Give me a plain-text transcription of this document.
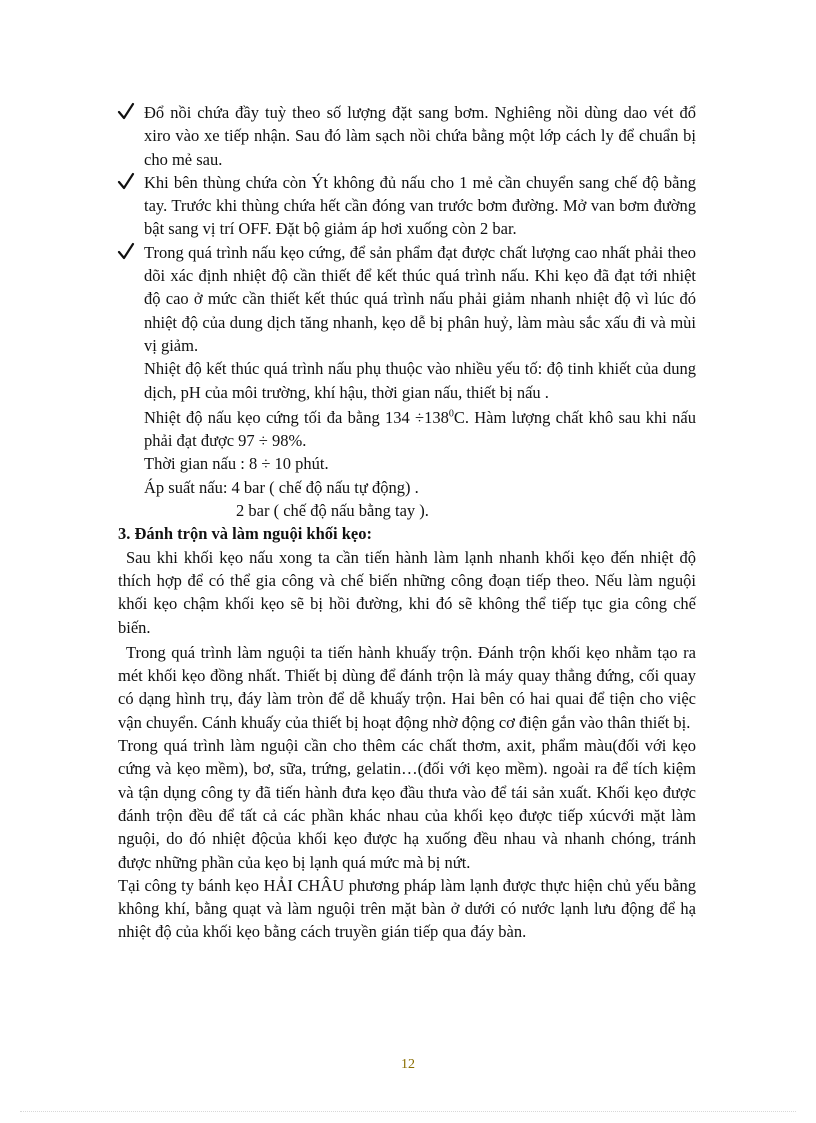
Đổ nồi chứa đầy tuỳ theo số lượng đặt sang bơm. Nghiêng nồi dùng dao vét đổ xiro vào xe tiếp nhận. Sau đó làm sạch nồi chứa bằng một lớp cách ly để chuẩn bị cho mẻ sau.

Khi bên thùng chứa còn Ýt không đủ nấu cho 1 mẻ cần chuyển sang chế độ bằng tay. Trước khi thùng chứa hết cần đóng van trước bơm đường. Mở van bơm đường bật sang vị trí OFF. Đặt bộ giảm áp hơi xuống còn 2 bar.

Trong quá trình nấu kẹo cứng, để sản phẩm đạt được chất lượng cao nhất phải theo dõi xác định nhiệt độ cần thiết để kết thúc quá trình nấu. Khi kẹo đã đạt tới nhiệt độ cao ở mức cần thiết kết thúc quá trình nấu phải giảm nhanh nhiệt độ vì lúc đó nhiệt độ của dung dịch tăng nhanh, kẹo dễ bị phân huỷ, làm màu sắc xấu đi và mùi vị giảm.

Nhiệt độ kết thúc quá trình nấu phụ thuộc vào nhiều yếu tố: độ tinh khiết của dung dịch, pH của môi trường, khí hậu, thời gian nấu, thiết bị nấu .

Nhiệt độ nấu kẹo cứng tối đa bằng $134 \div 138^0C$. Hàm lượng chất khô sau khi nấu phải đạt được 97 ÷ 98%.

Thời gian nấu : 8 ÷ 10 phút.

Áp suất nấu: 4 bar ( chế độ nấu tự động) .

2 bar ( chế độ nấu bằng tay ).

3. Đánh trộn và làm nguội khối kẹo:

Sau khi khối kẹo nấu xong ta cần tiến hành làm lạnh nhanh khối kẹo đến nhiệt độ thích hợp để có thể gia công và chế biến những công đoạn tiếp theo. Nếu làm nguội khối kẹo chậm khối kẹo sẽ bị hồi đường, khi đó sẽ không thể tiếp tục gia công chế biến.

Trong quá trình làm nguội ta tiến hành khuấy trộn. Đánh trộn khối kẹo nhằm tạo ra mét khối kẹo đồng nhất. Thiết bị dùng để đánh trộn là máy quay thẳng đứng, cối quay có dạng hình trụ, đáy làm tròn để dễ khuấy trộn. Hai bên có hai quai để tiện cho việc vận chuyển. Cánh khuấy của thiết bị hoạt động nhờ động cơ điện gắn vào thân thiết bị.

Trong quá trình làm nguội cần cho thêm các chất thơm, axit, phẩm màu(đối với kẹo cứng và kẹo mềm), bơ, sữa, trứng, gelatin…(đối với kẹo mềm). ngoài ra để tích kiệm và tận dụng công ty đã tiến hành đưa kẹo đầu thưa vào để tái sản xuất. Khối kẹo được đánh trộn đều để tất cả các phần khác nhau của khối kẹo được tiếp xúcvới mặt làm nguội, do đó nhiệt độcủa khối kẹo được hạ xuống đều nhau và nhanh chóng, tránh được những phần của kẹo bị lạnh quá mức mà bị nứt.

Tại công ty bánh kẹo HẢI CHÂU phương pháp làm lạnh được thực hiện chủ yếu bằng không khí, bằng quạt và làm nguội trên mặt bàn ở dưới có nước lạnh lưu động để hạ nhiệt độ của khối kẹo bằng cách truyền gián tiếp qua đáy bàn.

12
